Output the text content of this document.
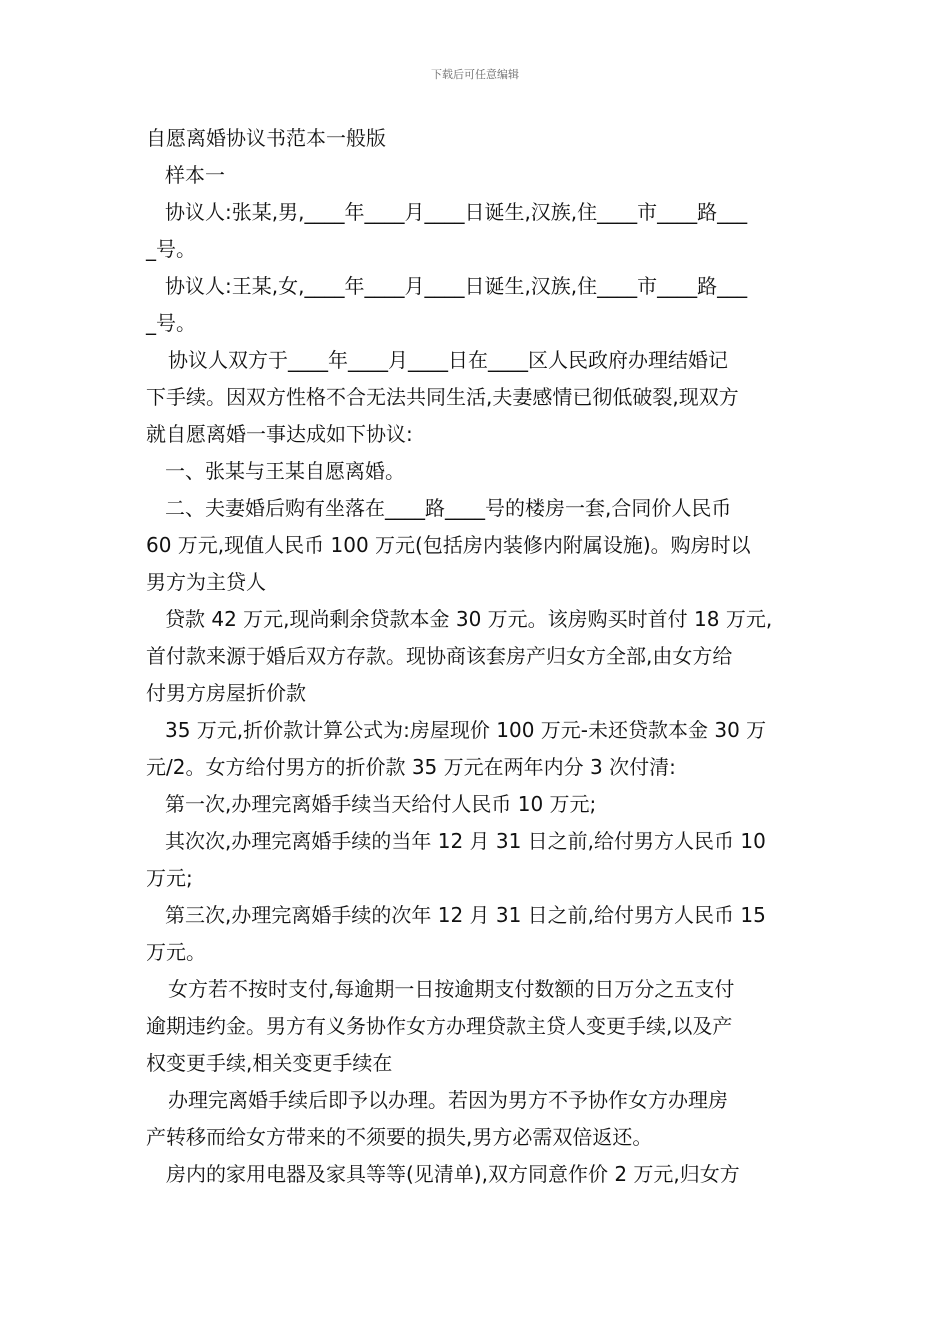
下载后可任意编辑
自愿离婚协议书范本一般版
样本一
协议人:张某,男,____年____月____日诞生,汉族,住____市____路___
_号。
协议人:王某,女,____年____月____日诞生,汉族,住____市____路___
_号。
协议人双方于____年____月____日在____区人民政府办理结婚记
下手续。因双方性格不合无法共同生活,夫妻感情已彻低破裂,现双方
就自愿离婚一事达成如下协议:
一、张某与王某自愿离婚。
二、夫妻婚后购有坐落在____路____号的楼房一套,合同价人民币
60 万元,现值人民币 100 万元(包括房内装修内附属设施)。购房时以
男方为主贷人
贷款 42 万元,现尚剩余贷款本金 30 万元。该房购买时首付 18 万元,
首付款来源于婚后双方存款。现协商该套房产归女方全部,由女方给
付男方房屋折价款
35 万元,折价款计算公式为:房屋现价 100 万元-未还贷款本金 30 万
元/2。女方给付男方的折价款 35 万元在两年内分 3 次付清:
第一次,办理完离婚手续当天给付人民币 10 万元;
其次次,办理完离婚手续的当年 12 月 31 日之前,给付男方人民币 10
万元;
第三次,办理完离婚手续的次年 12 月 31 日之前,给付男方人民币 15
万元。
女方若不按时支付,每逾期一日按逾期支付数额的日万分之五支付
逾期违约金。男方有义务协作女方办理贷款主贷人变更手续,以及产
权变更手续,相关变更手续在
办理完离婚手续后即予以办理。若因为男方不予协作女方办理房
产转移而给女方带来的不须要的损失,男方必需双倍返还。
房内的家用电器及家具等等(见清单),双方同意作价 2 万元,归女方
